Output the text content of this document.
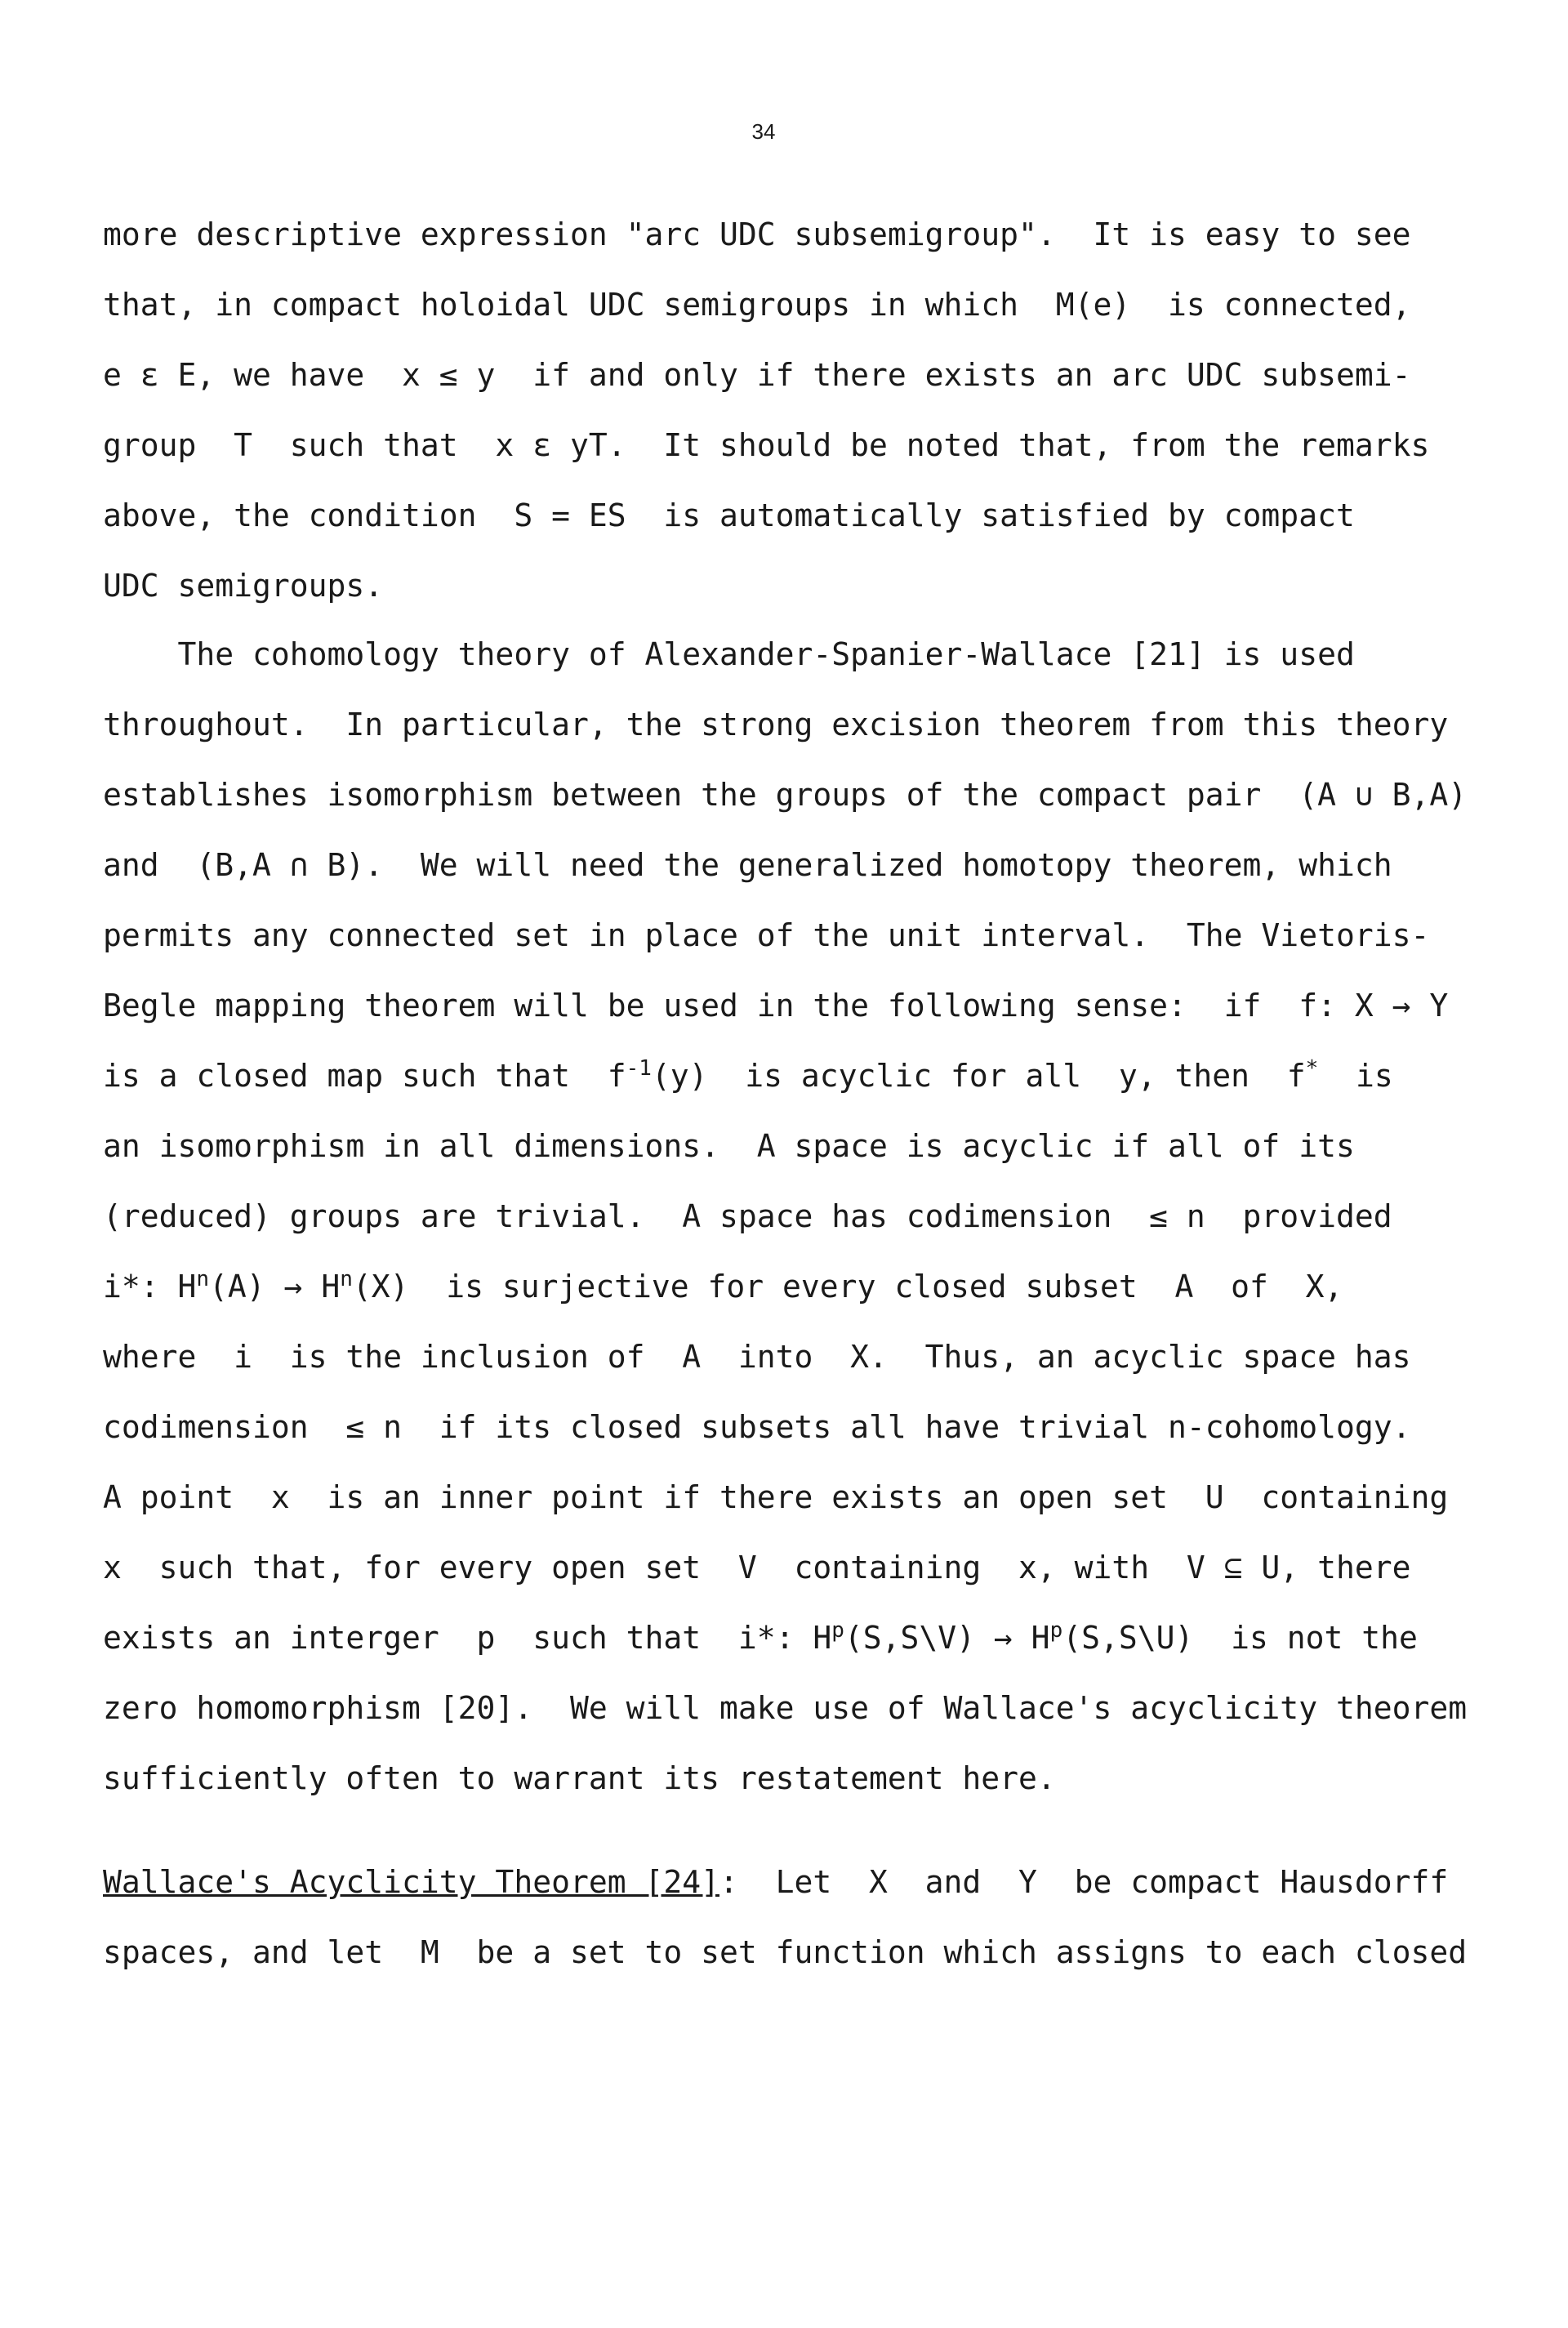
34
more descriptive expression "arc UDC subsemigroup".  It is easy to see
that, in compact holoidal UDC semigroups in which  M(e)  is connected,
e ε E, we have  x ≤ y  if and only if there exists an arc UDC subsemi-
group  T  such that  x ε yT.  It should be noted that, from the remarks
above, the condition  S = ES  is automatically satisfied by compact
UDC semigroups.
The cohomology theory of Alexander-Spanier-Wallace [21] is used
throughout.  In particular, the strong excision theorem from this theory
establishes isomorphism between the groups of the compact pair  (A ∪ B,A)
and  (B,A ∩ B).  We will need the generalized homotopy theorem, which
permits any connected set in place of the unit interval.  The Vietoris-
Begle mapping theorem will be used in the following sense:  if  f: X → Y
is a closed map such that  $f^{-1}(y)$  is acyclic for all  y, then  f*  is
an isomorphism in all dimensions.  A space is acyclic if all of its
(reduced) groups are trivial.  A space has codimension  ≤ n  provided
i*: $H^n(A) \to H^n(X)$  is surjective for every closed subset  A  of  X,
where  i  is the inclusion of  A  into  X.  Thus, an acyclic space has
codimension  ≤ n  if its closed subsets all have trivial n-cohomology.
A point  x  is an inner point if there exists an open set  U  containing
x  such that, for every open set  V  containing  x, with  V ⊆ U, there
exists an interger  p  such that  i*: $H^p(S,S\backslash V)$ → $H^p(S,S\backslash U)$  is not the
zero homomorphism [20].  We will make use of Wallace's acyclicity theorem
sufficiently often to warrant its restatement here.
Wallace's Acyclicity Theorem [24]:  Let  X  and  Y  be compact Hausdorff
spaces, and let  M  be a set to set function which assigns to each closed
